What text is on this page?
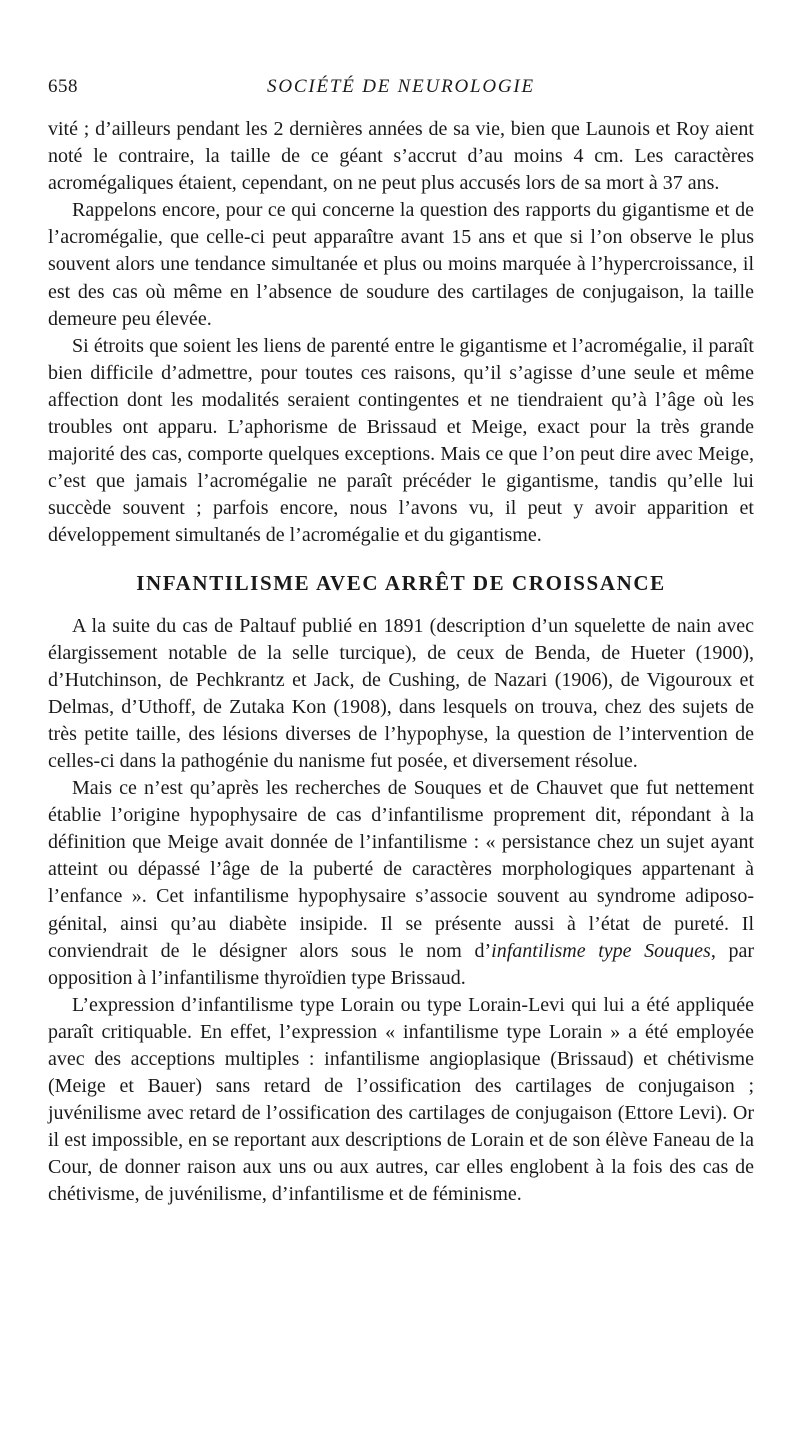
658	SOCIÉTÉ DE NEUROLOGIE

vité ; d’ailleurs pendant les 2 dernières années de sa vie, bien que Launois et Roy aient noté le contraire, la taille de ce géant s’accrut d’au moins 4 cm. Les caractères acromégaliques étaient, cependant, on ne peut plus accusés lors de sa mort à 37 ans.

Rappelons encore, pour ce qui concerne la question des rapports du gigantisme et de l’acromégalie, que celle-ci peut apparaître avant 15 ans et que si l’on observe le plus souvent alors une tendance simultanée et plus ou moins marquée à l’hypercroissance, il est des cas où même en l’absence de soudure des cartilages de conjugaison, la taille demeure peu élevée.

Si étroits que soient les liens de parenté entre le gigantisme et l’acromégalie, il paraît bien difficile d’admettre, pour toutes ces raisons, qu’il s’agisse d’une seule et même affection dont les modalités seraient contingentes et ne tiendraient qu’à l’âge où les troubles ont apparu. L’aphorisme de Brissaud et Meige, exact pour la très grande majorité des cas, comporte quelques exceptions. Mais ce que l’on peut dire avec Meige, c’est que jamais l’acromégalie ne paraît précéder le gigantisme, tandis qu’elle lui succède souvent ; parfois encore, nous l’avons vu, il peut y avoir apparition et développement simultanés de l’acromégalie et du gigantisme.

INFANTILISME AVEC ARRÊT DE CROISSANCE

A la suite du cas de Paltauf publié en 1891 (description d’un squelette de nain avec élargissement notable de la selle turcique), de ceux de Benda, de Hueter (1900), d’Hutchinson, de Pechkrantz et Jack, de Cushing, de Nazari (1906), de Vigouroux et Delmas, d’Uthoff, de Zutaka Kon (1908), dans lesquels on trouva, chez des sujets de très petite taille, des lésions diverses de l’hypophyse, la question de l’intervention de celles-ci dans la pathogénie du nanisme fut posée, et diversement résolue.

Mais ce n’est qu’après les recherches de Souques et de Chauvet que fut nettement établie l’origine hypophysaire de cas d’infantilisme proprement dit, répondant à la définition que Meige avait donnée de l’infantilisme : « persistance chez un sujet ayant atteint ou dépassé l’âge de la puberté de caractères morphologiques appartenant à l’enfance ». Cet infantilisme hypophysaire s’associe souvent au syndrome adiposo-génital, ainsi qu’au diabète insipide. Il se présente aussi à l’état de pureté. Il conviendrait de le désigner alors sous le nom d’infantilisme type Souques, par opposition à l’infantilisme thyroïdien type Brissaud.

L’expression d’infantilisme type Lorain ou type Lorain-Levi qui lui a été appliquée paraît critiquable. En effet, l’expression « infantilisme type Lorain » a été employée avec des acceptions multiples : infantilisme angioplasique (Brissaud) et chétivisme (Meige et Bauer) sans retard de l’ossification des cartilages de conjugaison ; juvénilisme avec retard de l’ossification des cartilages de conjugaison (Ettore Levi). Or il est impossible, en se reportant aux descriptions de Lorain et de son élève Faneau de la Cour, de donner raison aux uns ou aux autres, car elles englobent à la fois des cas de chétivisme, de juvénilisme, d’infantilisme et de féminisme.
